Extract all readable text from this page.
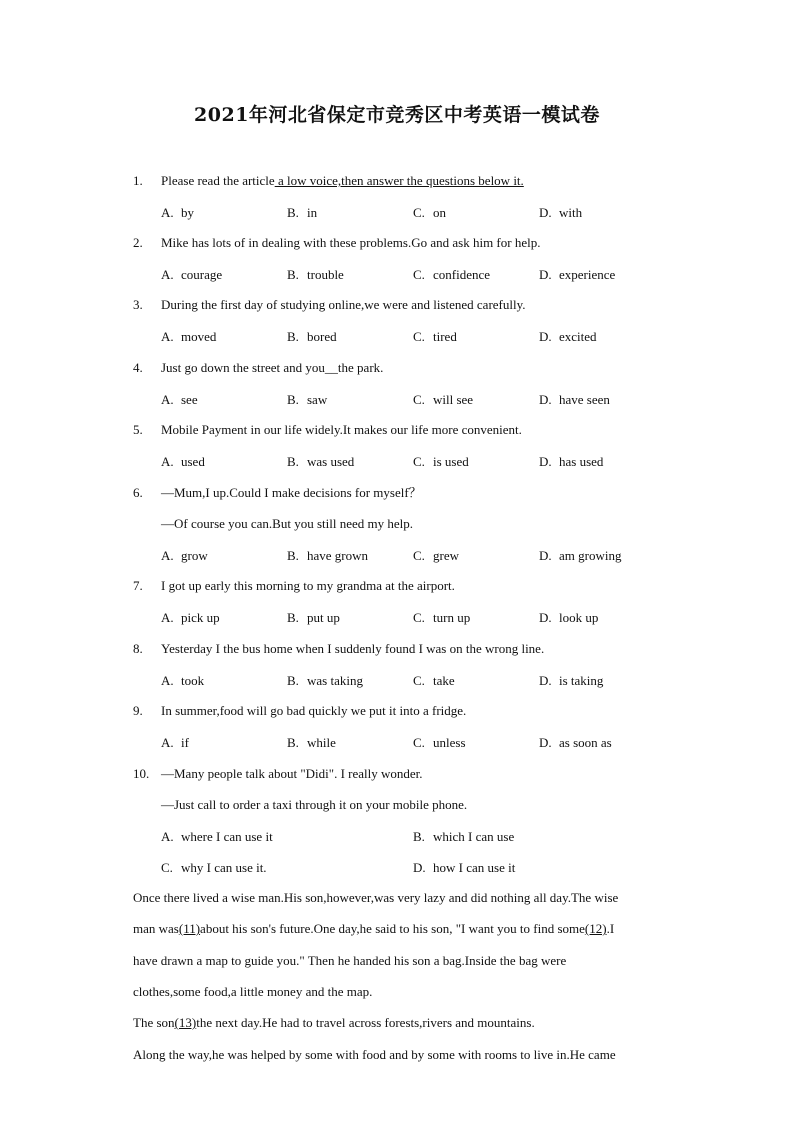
2021年河北省保定市竞秀区中考英语一模试卷
1. Please read the article a low voice,then answer the questions below it.
A. by	B. in	C. on	D. with
2. Mike has lots of in dealing with these problems.Go and ask him for help.
A. courage	B. trouble	C. confidence	D. experience
3. During the first day of studying online,we were and listened carefully.
A. moved	B. bored	C. tired	D. excited
4. Just go down the street and you__the park.
A. see	B. saw	C. will see	D. have seen
5. Mobile Payment in our life widely.It makes our life more convenient.
A. used	B. was used	C. is used	D. has used
6. —Mum,I up.Could I make decisions for myself？
—Of course you can.But you still need my help.
A. grow	B. have grown	C. grew	D. am growing
7. I got up early this morning to my grandma at the airport.
A. pick up	B. put up	C. turn up	D. look up
8. Yesterday I the bus home when I suddenly found I was on the wrong line.
A. took	B. was taking	C. take	D. is taking
9. In summer,food will go bad quickly we put it into a fridge.
A. if	B. while	C. unless	D. as soon as
10. —Many people talk about "Didi". I really wonder.
—Just call to order a taxi through it on your mobile phone.
A. where I can use it	B. which I can use
C. why I can use it.	D. how I can use it
Once there lived a wise man.His son,however,was very lazy and did nothing all day.The wise
man was(11)about his son's future.One day,he said to his son, "I want you to find some(12).I
have drawn a map to guide you." Then he handed his son a bag.Inside the bag were
clothes,some food,a little money and the map.
The son(13)the next day.He had to travel across forests,rivers and mountains.
Along the way,he was helped by some with food and by some with rooms to live in.He came
